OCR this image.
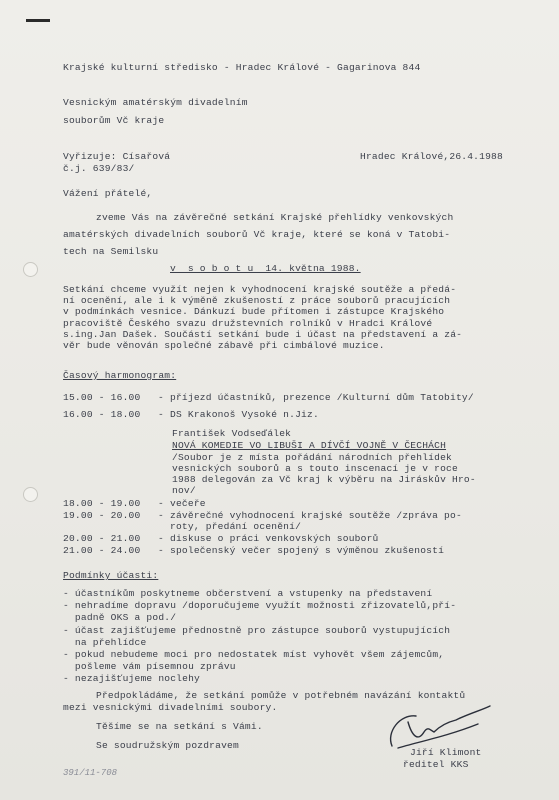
Krajské kulturní středisko - Hradec Králové - Gagarinova 844
Vesnickým amatérským divadelním
souborům Vč kraje
Vyřizuje: Císařová
č.j. 639/83/
Hradec Králové,26.4.1988
Vážení přátelé,
zveme Vás na závěrečné setkání Krajské přehlídky venkovských
amatérských divadelních souborů Vč kraje, které se koná v Tatobi-
tech na Semilsku
v  s o b o t u  14. května 1988.
Setkání chceme využít nejen k vyhodnocení krajské soutěže a předá-
ní ocenění, ale i k výměně zkušeností z práce souborů pracujících
v podmínkách vesnice. Dánkuzí bude přítomen i zástupce Krajského
pracoviště Českého svazu družstevních rolníků v Hradci Králové
s.ing.Jan Dašek. Součástí setkání bude i účast na představení a zá-
věr bude věnován společné zábavě při cimbálové muzice.
Časový harmonogram:
15.00 - 16.00 - příjezd účastníků, prezence /Kulturní dům Tatobity/
16.00 - 18.00 - DS Krakonoš Vysoké n.Jiz.
František Vodseďálek
NOVÁ KOMEDIE VO LIBUŠI A DÍVČÍ VOJNĚ V ČECHÁCH
/Soubor je z místa pořádání národních přehlídek
vesnických souborů a s touto inscenací je v roce
1988 delegován za Vč kraj k výběru na Jiráskův Hro-
nov/
18.00 - 19.00 - večeře
19.00 - 20.00 - závěrečné vyhodnocení krajské soutěže /zpráva po-
roty, předání ocenění/
20.00 - 21.00 - diskuse o práci venkovských souborů
21.00 - 24.00 - společenský večer spojený s výměnou zkušeností
Podmínky účasti:
- účastníkům poskytneme občerstvení a vstupenky na představení
- nehradíme dopravu /doporučujeme využít možnosti zřizovatelů,pří-
padně OKS a pod./
- účast zajišťujeme přednostně pro zástupce souborů vystupujících
na přehlídce
- pokud nebudeme moci pro nedostatek míst vyhovět všem zájemcům,
pošleme vám písemnou zprávu
- nezajišťujeme noclehy
Předpokládáme, že setkání pomůže v potřebném navázání kontaktů
mezi vesnickými divadelními soubory.
Těšíme se na setkání s Vámi.
Se soudružským pozdravem
Jiří Klimont
ředitel KKS
391/11-708
